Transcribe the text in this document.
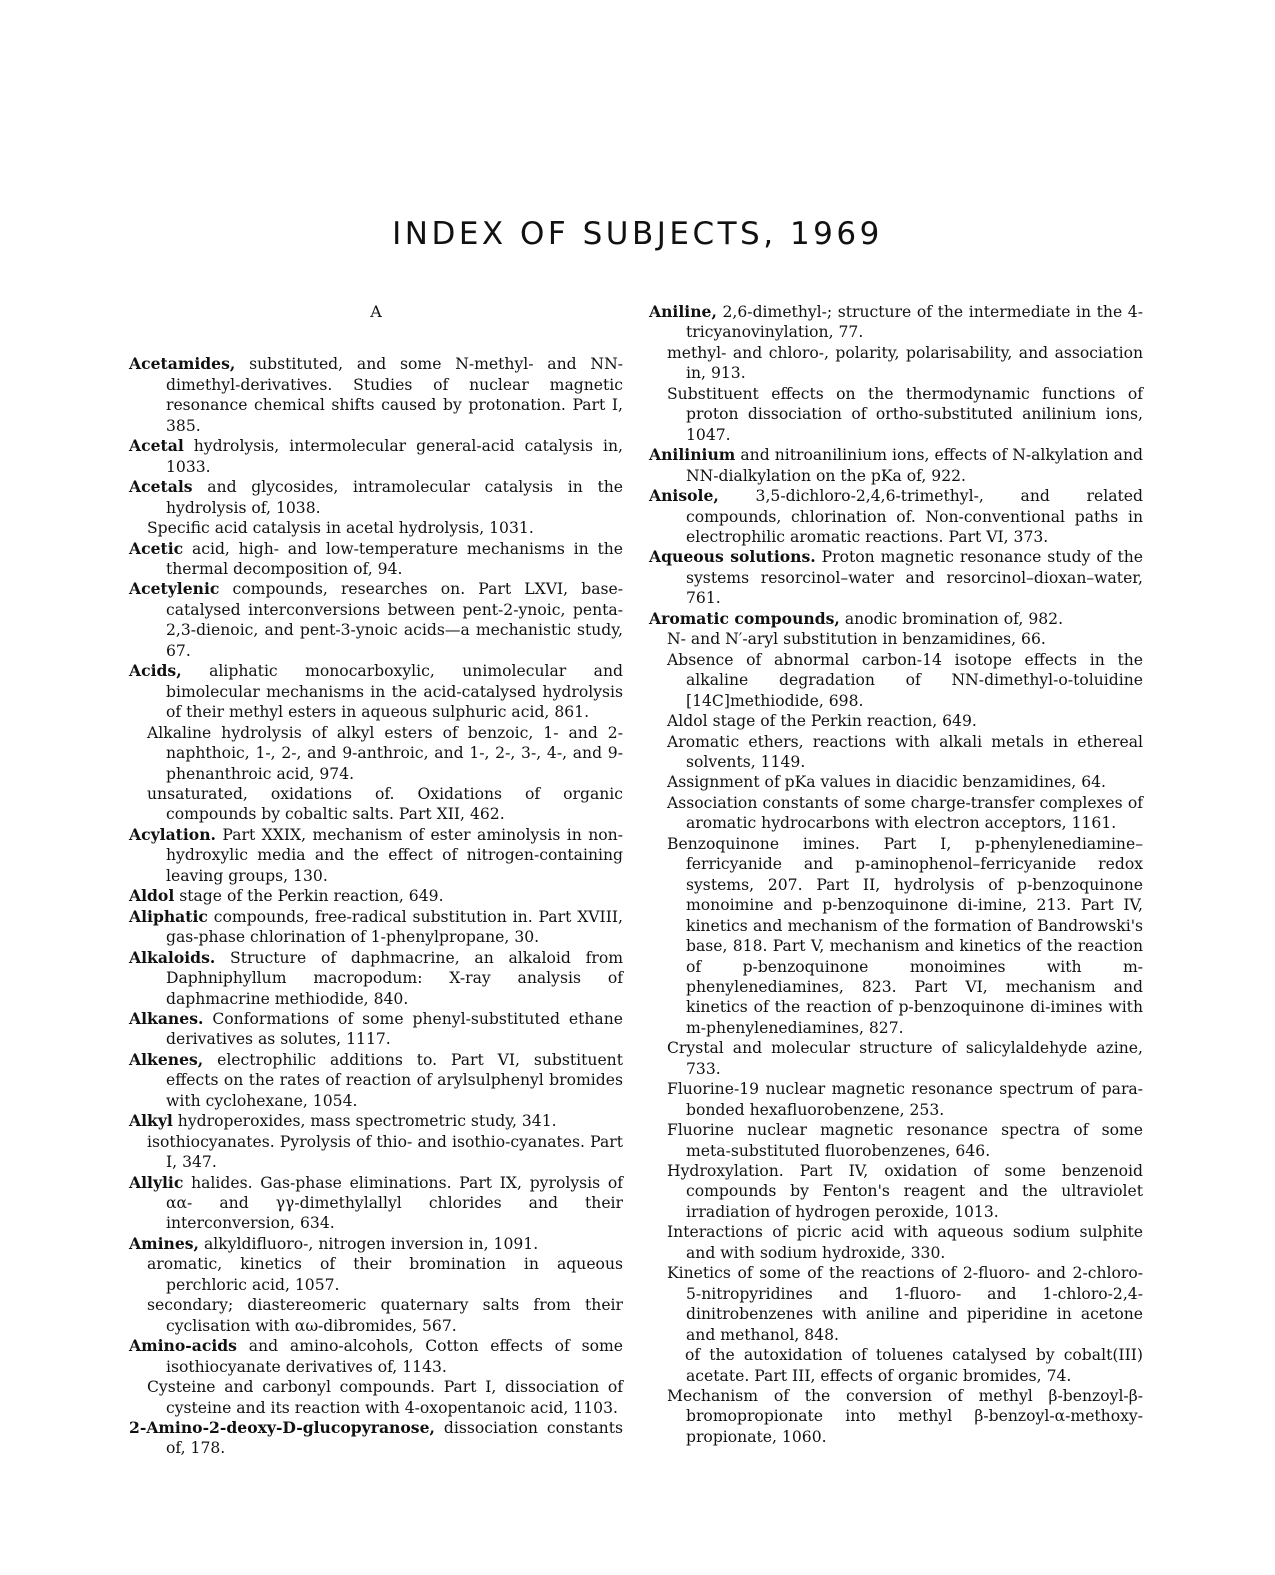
INDEX OF SUBJECTS, 1969
A

Acetamides, substituted, and some N-methyl- and NN-dimethyl-derivatives. Studies of nuclear magnetic resonance chemical shifts caused by protonation. Part I, 385.

Acetal hydrolysis, intermolecular general-acid catalysis in, 1033.

Acetals and glycosides, intramolecular catalysis in the hydrolysis of, 1038.

Specific acid catalysis in acetal hydrolysis, 1031.

Acetic acid, high- and low-temperature mechanisms in the thermal decomposition of, 94.

Acetylenic compounds, researches on. Part LXVI, base-catalysed interconversions between pent-2-ynoic, penta-2,3-dienoic, and pent-3-ynoic acids—a mechanistic study, 67.

Acids, aliphatic monocarboxylic, unimolecular and bimolecular mechanisms in the acid-catalysed hydrolysis of their methyl esters in aqueous sulphuric acid, 861.

Alkaline hydrolysis of alkyl esters of benzoic, 1- and 2-naphthoic, 1-, 2-, and 9-anthroic, and 1-, 2-, 3-, 4-, and 9-phenanthroic acid, 974.

unsaturated, oxidations of. Oxidations of organic compounds by cobaltic salts. Part XII, 462.

Acylation. Part XXIX, mechanism of ester aminolysis in non-hydroxylic media and the effect of nitrogen-containing leaving groups, 130.

Aldol stage of the Perkin reaction, 649.

Aliphatic compounds, free-radical substitution in. Part XVIII, gas-phase chlorination of 1-phenylpropane, 30.

Alkaloids. Structure of daphmacrine, an alkaloid from Daphniphyllum macropodum: X-ray analysis of daphmacrine methiodide, 840.

Alkanes. Conformations of some phenyl-substituted ethane derivatives as solutes, 1117.

Alkenes, electrophilic additions to. Part VI, substituent effects on the rates of reaction of arylsulphenyl bromides with cyclohexane, 1054.

Alkyl hydroperoxides, mass spectrometric study, 341.

isothiocyanates. Pyrolysis of thio- and isothio-cyanates. Part I, 347.

Allylic halides. Gas-phase eliminations. Part IX, pyrolysis of αα- and γγ-dimethylallyl chlorides and their interconversion, 634.

Amines, alkyldifluoro-, nitrogen inversion in, 1091.

aromatic, kinetics of their bromination in aqueous perchloric acid, 1057.

secondary; diastereomeric quaternary salts from their cyclisation with αω-dibromides, 567.

Amino-acids and amino-alcohols, Cotton effects of some isothiocyanate derivatives of, 1143.

Cysteine and carbonyl compounds. Part I, dissociation of cysteine and its reaction with 4-oxopentanoic acid, 1103.

2-Amino-2-deoxy-D-glucopyranose, dissociation constants of, 178.

Aniline, 2,6-dimethyl-; structure of the intermediate in the 4-tricyanovinylation, 77.

methyl- and chloro-, polarity, polarisability, and association in, 913.

Substituent effects on the thermodynamic functions of proton dissociation of ortho-substituted anilinium ions, 1047.

Anilinium and nitroanilinium ions, effects of N-alkylation and NN-dialkylation on the pKa of, 922.

Anisole, 3,5-dichloro-2,4,6-trimethyl-, and related compounds, chlorination of. Non-conventional paths in electrophilic aromatic reactions. Part VI, 373.

Aqueous solutions. Proton magnetic resonance study of the systems resorcinol–water and resorcinol–dioxan–water, 761.

Aromatic compounds, anodic bromination of, 982.

N- and N′-aryl substitution in benzamidines, 66.

Absence of abnormal carbon-14 isotope effects in the alkaline degradation of NN-dimethyl-o-toluidine [14C]methiodide, 698.

Aldol stage of the Perkin reaction, 649.

Aromatic ethers, reactions with alkali metals in ethereal solvents, 1149.

Assignment of pKa values in diacidic benzamidines, 64.

Association constants of some charge-transfer complexes of aromatic hydrocarbons with electron acceptors, 1161.

Benzoquinone imines. Part I, p-phenylenediamine–ferricyanide and p-aminophenol–ferricyanide redox systems, 207. Part II, hydrolysis of p-benzoquinone monoimine and p-benzoquinone di-imine, 213. Part IV, kinetics and mechanism of the formation of Bandrowski's base, 818. Part V, mechanism and kinetics of the reaction of p-benzoquinone monoimines with m-phenylenediamines, 823. Part VI, mechanism and kinetics of the reaction of p-benzoquinone di-imines with m-phenylenediamines, 827.

Crystal and molecular structure of salicylaldehyde azine, 733.

Fluorine-19 nuclear magnetic resonance spectrum of para-bonded hexafluorobenzene, 253.

Fluorine nuclear magnetic resonance spectra of some meta-substituted fluorobenzenes, 646.

Hydroxylation. Part IV, oxidation of some benzenoid compounds by Fenton's reagent and the ultraviolet irradiation of hydrogen peroxide, 1013.

Interactions of picric acid with aqueous sodium sulphite and with sodium hydroxide, 330.

Kinetics of some of the reactions of 2-fluoro- and 2-chloro-5-nitropyridines and 1-fluoro- and 1-chloro-2,4-dinitrobenzenes with aniline and piperidine in acetone and methanol, 848.

of the autoxidation of toluenes catalysed by cobalt(III) acetate. Part III, effects of organic bromides, 74.

Mechanism of the conversion of methyl β-benzoyl-β-bromopropionate into methyl β-benzoyl-α-methoxy-propionate, 1060.
